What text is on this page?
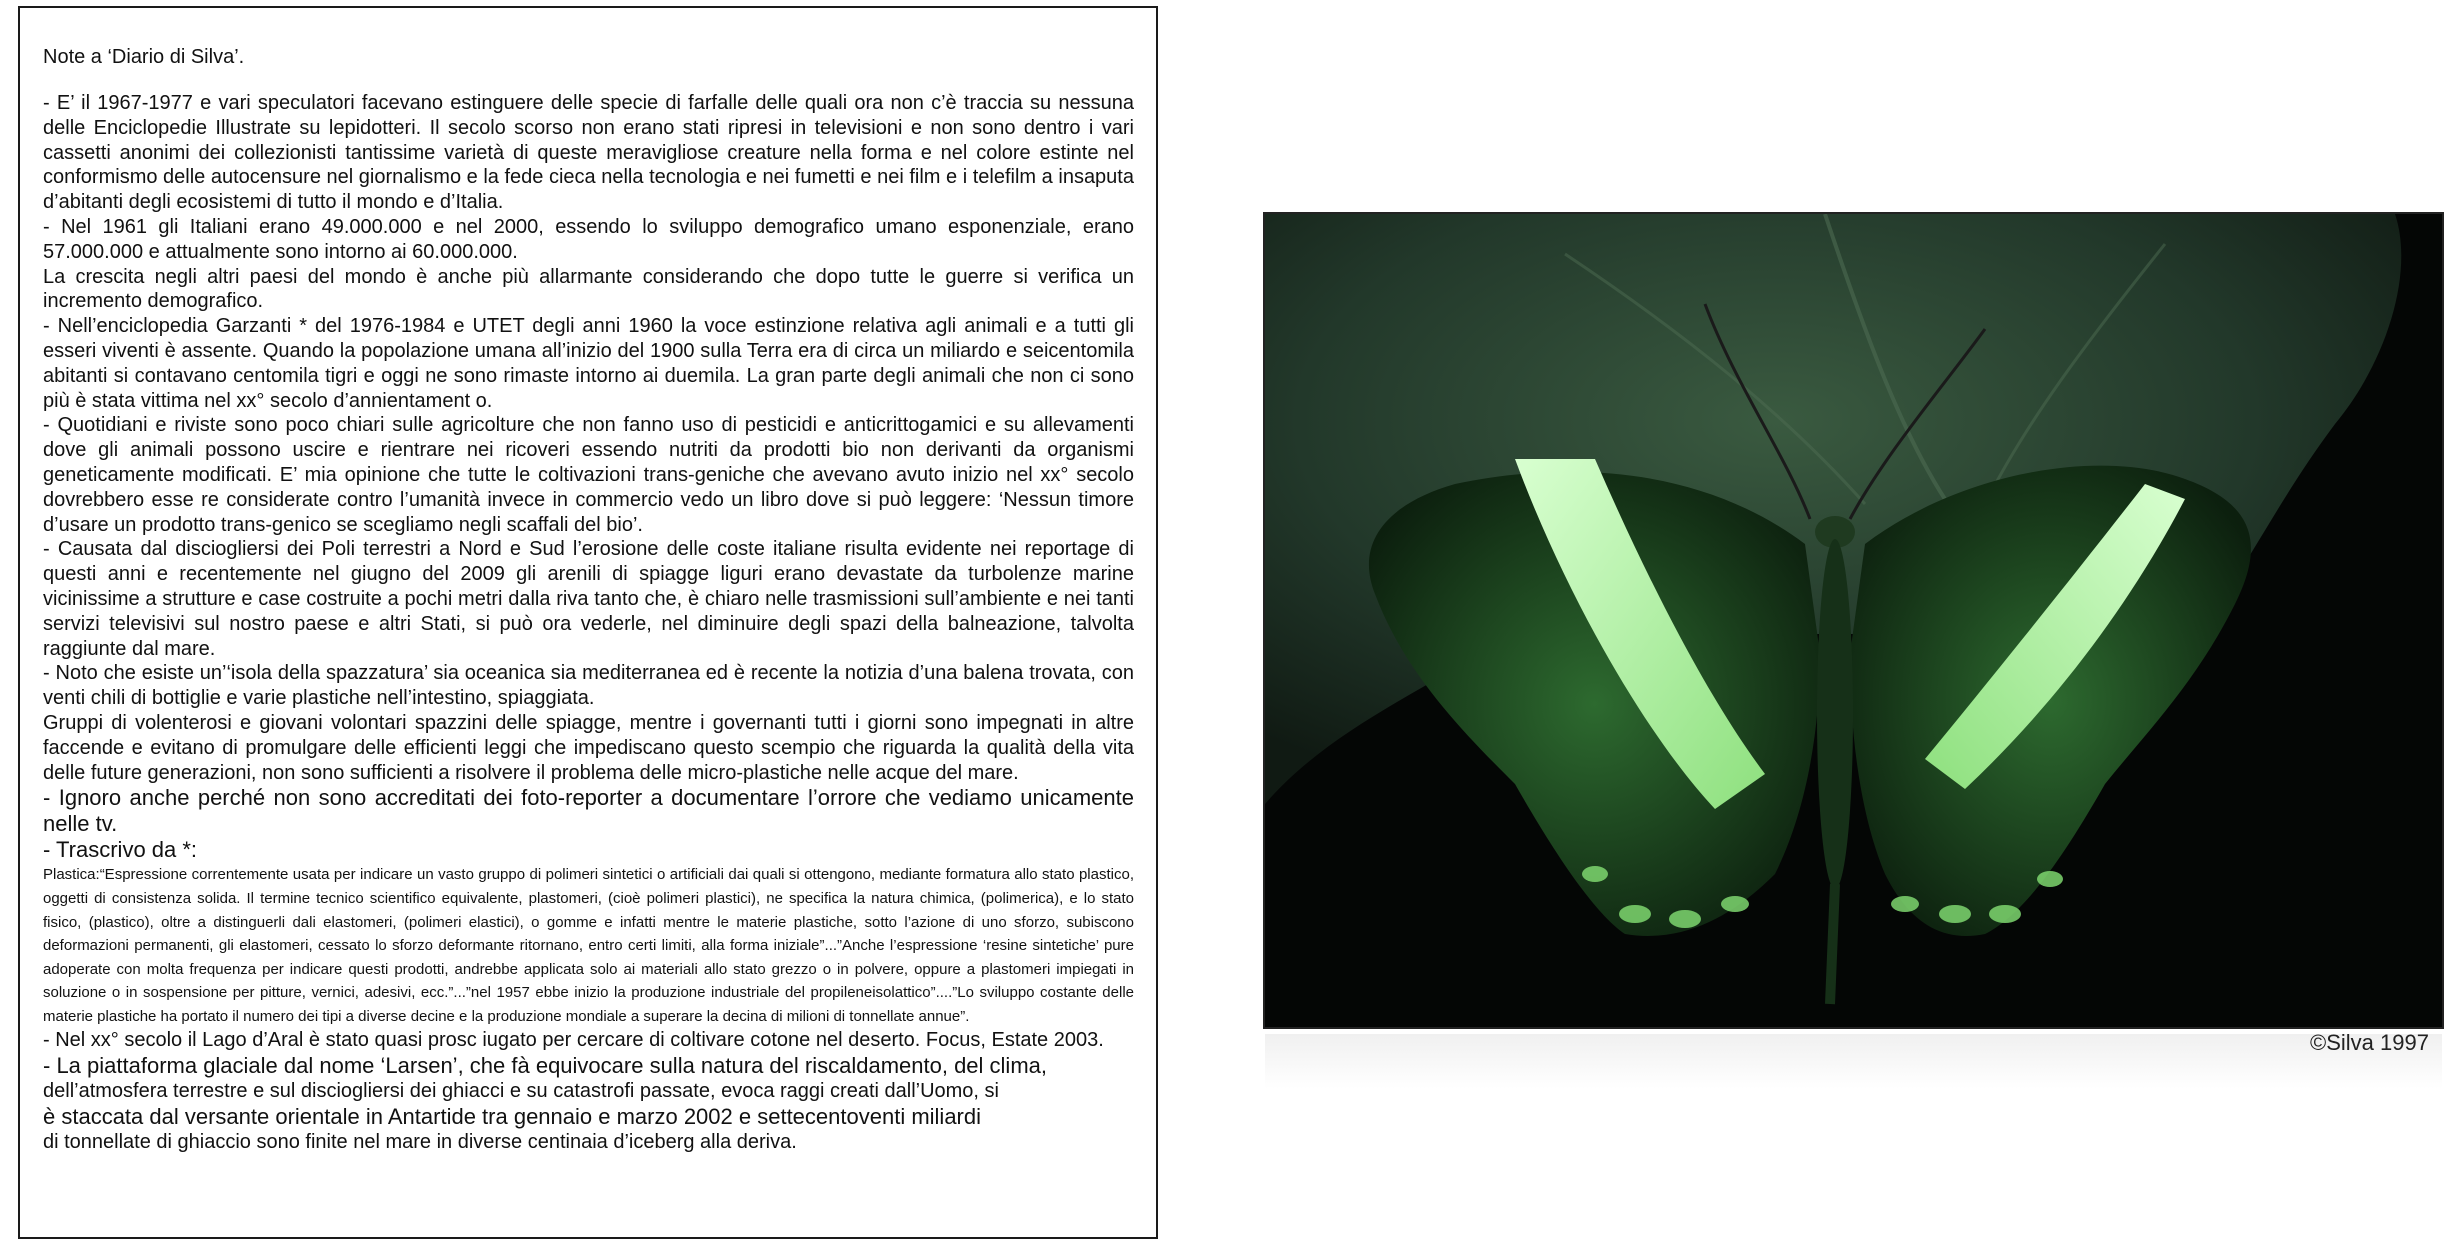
Note a ‘Diario di Silva’.

- E’ il 1967-1977 e vari speculatori facevano estinguere delle specie di farfalle delle quali ora non c’è traccia su nessuna delle Enciclopedie Illustrate su lepidotteri. Il secolo scorso non erano stati ripresi in televisioni e non sono dentro i vari cassetti anonimi dei collezionisti tantissime varietà di queste meravigliose creature nella forma e nel colore estinte nel conformismo delle autocensure nel giornalismo e la fede cieca nella tecnologia e nei fumetti e nei film e i telefilm a insaputa d’abitanti degli ecosistemi di tutto il mondo e d’Italia.

- Nel 1961 gli Italiani erano 49.000.000 e nel 2000, essendo lo sviluppo demografico umano esponenziale, erano 57.000.000 e attualmente sono intorno ai 60.000.000.

La crescita negli altri paesi del mondo è anche più allarmante considerando che dopo tutte le guerre si verifica un incremento demografico.

- Nell’enciclopedia Garzanti * del 1976-1984 e UTET degli anni 1960 la voce estinzione relativa agli animali e a tutti gli esseri viventi è assente. Quando la popolazione umana all’inizio del 1900 sulla Terra era di circa un miliardo e seicentomila abitanti si contavano centomila tigri e oggi ne sono rimaste intorno ai duemila. La gran parte degli animali che non ci sono più è stata vittima nel xx° secolo d’annientament o.

- Quotidiani e riviste sono poco chiari sulle agricolture che non fanno uso di pesticidi e anticrittogamici e su allevamenti dove gli animali possono uscire e rientrare nei ricoveri essendo nutriti da prodotti bio non derivanti da organismi geneticamente modificati. E’ mia opinione che tutte le coltivazioni trans-geniche che avevano avuto inizio nel xx° secolo dovrebbero esse re considerate contro l’umanità invece in commercio vedo un libro dove si può leggere: ‘Nessun timore d’usare un prodotto trans-genico se scegliamo negli scaffali del bio’.

- Causata dal disciogliersi dei Poli terrestri a Nord e Sud l’erosione delle coste italiane risulta evidente nei reportage di questi anni e recentemente nel giugno del 2009 gli arenili di spiagge liguri erano devastate da turbolenze marine vicinissime a strutture e case costruite a pochi metri dalla riva tanto che, è chiaro nelle trasmissioni sull’ambiente e nei tanti servizi televisivi sul nostro paese e altri Stati, si può ora vederle, nel diminuire degli spazi della balneazione, talvolta raggiunte dal mare.

- Noto che esiste un’‘isola della spazzatura’ sia oceanica sia mediterranea ed è recente la notizia d’una balena trovata, con venti chili di bottiglie e varie plastiche nell’intestino, spiaggiata.

Gruppi di volenterosi e giovani volontari spazzini delle spiagge, mentre i governanti tutti i giorni sono impegnati in altre faccende e evitano di promulgare delle efficienti leggi che impediscano questo scempio che riguarda la qualità della vita delle future generazioni, non sono sufficienti a risolvere il problema delle micro-plastiche nelle acque del mare.

- Ignoro anche perché non sono accreditati dei foto-reporter a documentare l’orrore che vediamo unicamente nelle tv.

- Trascrivo da *:

Plastica:“Espressione correntemente usata per indicare un vasto gruppo di polimeri sintetici o artificiali dai quali si ottengono, mediante formatura allo stato plastico, oggetti di consistenza solida. Il termine tecnico scientifico equivalente, plastomeri, (cioè polimeri plastici), ne specifica la natura chimica, (polimerica), e lo stato fisico, (plastico), oltre a distinguerli dali elastomeri, (polimeri elastici), o gomme e infatti mentre le materie plastiche, sotto l’azione di uno sforzo, subiscono deformazioni permanenti, gli elastomeri, cessato lo sforzo deformante ritornano, entro certi limiti, alla forma iniziale”...”Anche l’espressione ‘resine sintetiche’ pure adoperate con molta frequenza per indicare questi prodotti, andrebbe applicata solo ai materiali allo stato grezzo o in polvere, oppure a plastomeri impiegati in soluzione o in sospensione per pitture, vernici, adesivi, ecc.”...”nel 1957 ebbe inizio la produzione industriale del propileneisolattico”....”Lo sviluppo costante delle materie plastiche ha portato il numero dei tipi a diverse decine e la produzione mondiale a superare la decina di milioni di tonnellate annue”.

- Nel xx° secolo il Lago d’Aral è stato quasi prosc iugato per cercare di coltivare cotone nel deserto. Focus, Estate 2003.

- La piattaforma glaciale dal nome ‘Larsen’, che fà equivocare sulla natura del riscaldamento, del clima,

dell’atmosfera terrestre e sul disciogliersi dei ghiacci e su catastrofi passate, evoca raggi creati dall’Uomo, si

è staccata dal versante orientale in Antartide tra gennaio e marzo 2002 e settecentoventi miliardi

di tonnellate di ghiaccio sono finite nel mare in diverse centinaia d’iceberg alla deriva.

©Silva 1997
